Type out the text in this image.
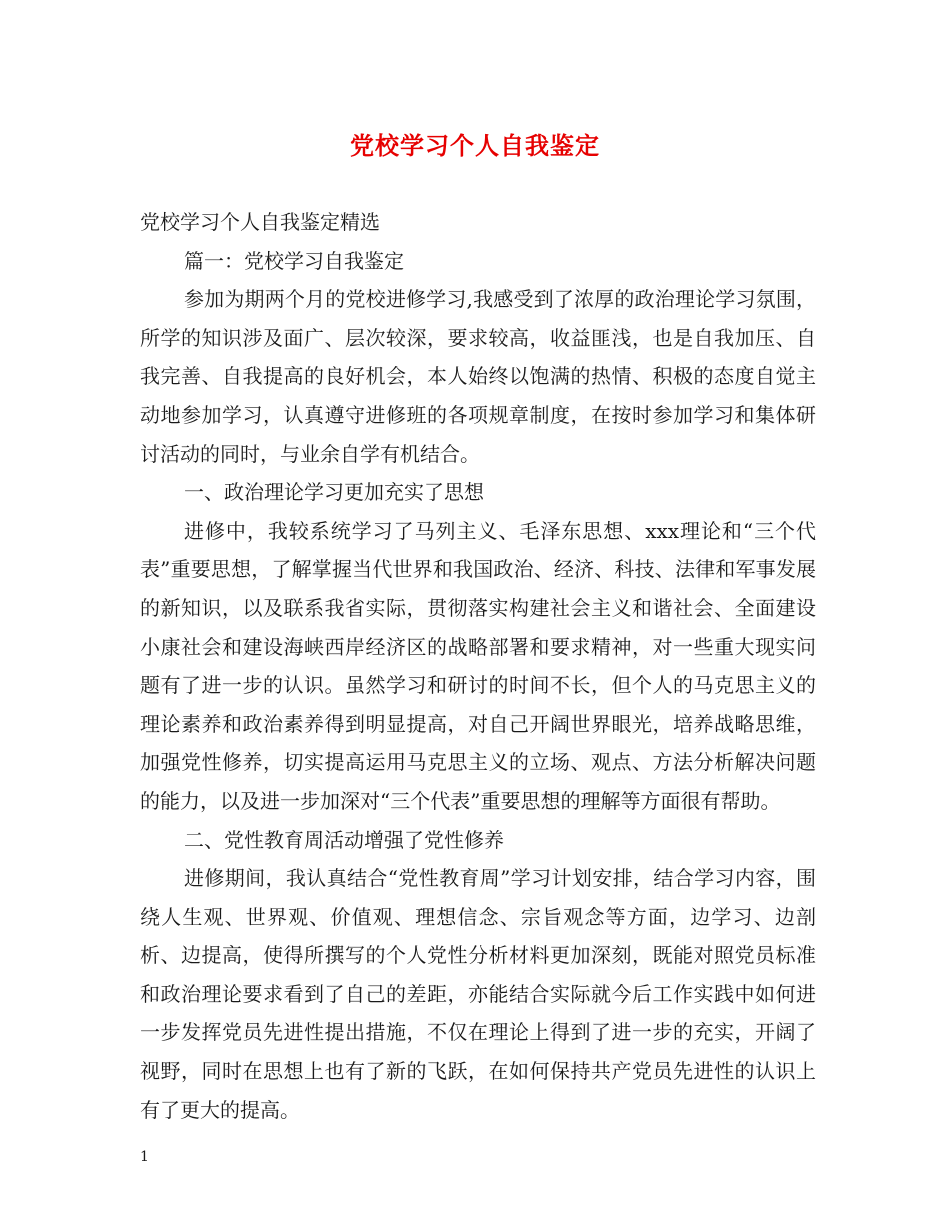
党校学习个人自我鉴定

党校学习个人自我鉴定精选

篇一：党校学习自我鉴定

参加为期两个月的党校进修学习,我感受到了浓厚的政治理论学习氛围，所学的知识涉及面广、层次较深，要求较高，收益匪浅，也是自我加压、自我完善、自我提高的良好机会，本人始终以饱满的热情、积极的态度自觉主动地参加学习，认真遵守进修班的各项规章制度，在按时参加学习和集体研讨活动的同时，与业余自学有机结合。

一、政治理论学习更加充实了思想

进修中，我较系统学习了马列主义、毛泽东思想、xxx理论和“三个代表”重要思想，了解掌握当代世界和我国政治、经济、科技、法律和军事发展的新知识，以及联系我省实际，贯彻落实构建社会主义和谐社会、全面建设小康社会和建设海峡西岸经济区的战略部署和要求精神，对一些重大现实问题有了进一步的认识。虽然学习和研讨的时间不长，但个人的马克思主义的理论素养和政治素养得到明显提高，对自己开阔世界眼光，培养战略思维，加强党性修养，切实提高运用马克思主义的立场、观点、方法分析解决问题的能力，以及进一步加深对“三个代表”重要思想的理解等方面很有帮助。

二、党性教育周活动增强了党性修养

进修期间，我认真结合“党性教育周”学习计划安排，结合学习内容，围绕人生观、世界观、价值观、理想信念、宗旨观念等方面，边学习、边剖析、边提高，使得所撰写的个人党性分析材料更加深刻，既能对照党员标准和政治理论要求看到了自己的差距，亦能结合实际就今后工作实践中如何进一步发挥党员先进性提出措施，不仅在理论上得到了进一步的充实，开阔了视野，同时在思想上也有了新的飞跃，在如何保持共产党员先进性的认识上有了更大的提高。

1
